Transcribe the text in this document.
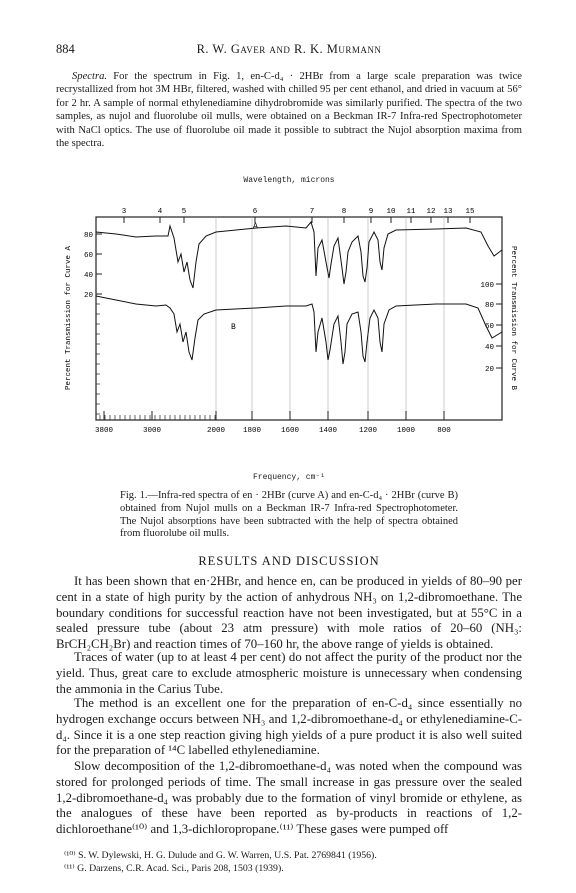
884	R. W. Gaver and R. K. Murmann
Spectra. For the spectrum in Fig. 1, en-C-d₄ · 2HBr from a large scale preparation was twice recrystallized from hot 3M HBr, filtered, washed with chilled 95 per cent ethanol, and dried in vacuum at 56° for 2 hr. A sample of normal ethylenediamine dihydrobromide was similarly purified. The spectra of the two samples, as nujol and fluorolube oil mulls, were obtained on a Beckman IR-7 Infra-red Spectrophotometer with NaCl optics. The use of fluorolube oil made it possible to subtract the Nujol absorption maxima from the spectra.
Wavelength, microns
3	4	5	6	7	8	9 10 11 12 13 15
3800	3000	2000 1800	1600	1400	1200	1000	800
80
60
40
20
100
80
60
40
20
A
B
Percent Transmission for Curve A	Percent Transmission for Curve B
Frequency, cm⁻¹
Fig. 1.—Infra-red spectra of en · 2HBr (curve A) and en-C-d₄ · 2HBr (curve B) obtained from Nujol mulls on a Beckman IR-7 Infra-red Spectrophotometer. The Nujol absorptions have been subtracted with the help of spectra obtained from fluorolube oil mulls.
RESULTS AND DISCUSSION
It has been shown that en·2HBr, and hence en, can be produced in yields of 80–90 per cent in a state of high purity by the action of anhydrous NH₃ on 1,2-dibromoethane. The boundary conditions for successful reaction have not been investigated, but at 55°C in a sealed pressure tube (about 23 atm pressure) with mole ratios of 20–60 (NH₃: BrCH₂CH₂Br) and reaction times of 70–160 hr, the above range of yields is obtained.
Traces of water (up to at least 4 per cent) do not affect the purity of the product nor the yield. Thus, great care to exclude atmospheric moisture is unnecessary when condensing the ammonia in the Carius Tube.
The method is an excellent one for the preparation of en-C-d₄ since essentially no hydrogen exchange occurs between NH₃ and 1,2-dibromoethane-d₄ or ethylenediamine-C-d₄. Since it is a one step reaction giving high yields of a pure product it is also well suited for the preparation of ¹⁴C labelled ethylenediamine.
Slow decomposition of the 1,2-dibromoethane-d₄ was noted when the compound was stored for prolonged periods of time. The small increase in gas pressure over the sealed 1,2-dibromoethane-d₄ was probably due to the formation of vinyl bromide or ethylene, as the analogues of these have been reported as by-products in reactions of 1,2-dichloroethane⁽¹⁰⁾ and 1,3-dichloropropane.⁽¹¹⁾ These gases were pumped off
⁽¹⁰⁾ S. W. Dylewski, H. G. Dulude and G. W. Warren, U.S. Pat. 2769841 (1956).
⁽¹¹⁾ G. Darzens, C.R. Acad. Sci., Paris 208, 1503 (1939).
